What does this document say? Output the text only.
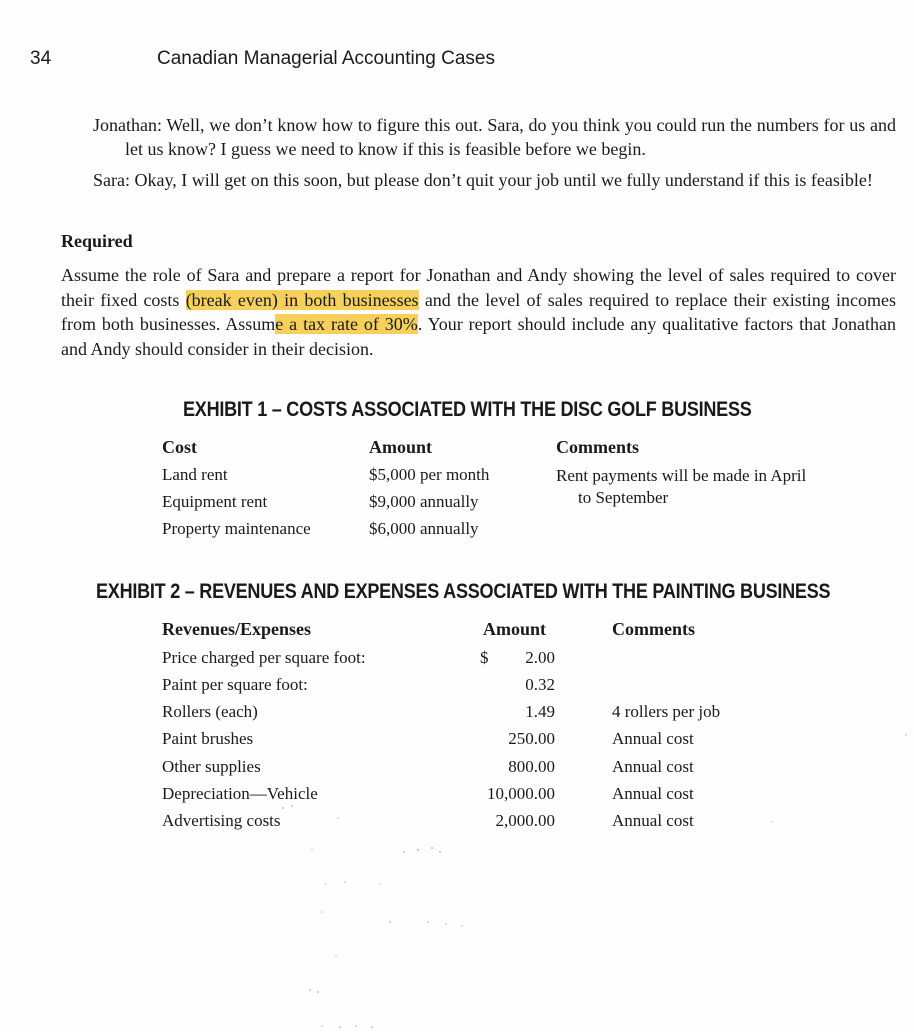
34	Canadian Managerial Accounting Cases

Jonathan: Well, we don’t know how to figure this out. Sara, do you think you could run the numbers for us and let us know? I guess we need to know if this is feasible before we begin.

Sara: Okay, I will get on this soon, but please don’t quit your job until we fully understand if this is feasible!

Required

Assume the role of Sara and prepare a report for Jonathan and Andy showing the level of sales required to cover their fixed costs (break even) in both businesses and the level of sales required to replace their existing incomes from both businesses. Assume a tax rate of 30%. Your report should include any qualitative factors that Jonathan and Andy should consider in their decision.

EXHIBIT 1 – COSTS ASSOCIATED WITH THE DISC GOLF BUSINESS
Cost	Amount	Comments
Land rent	$5,000 per month	Rent payments will be made in April to September
Equipment rent	$9,000 annually
Property maintenance	$6,000 annually
EXHIBIT 2 – REVENUES AND EXPENSES ASSOCIATED WITH THE PAINTING BUSINESS
Revenues/Expenses	Amount	Comments
$
Price charged per square foot:	2.00
Paint per square foot:	0.32
Rollers (each)	1.49	4 rollers per job
Paint brushes	250.00	Annual cost
Other supplies	800.00	Annual cost
Depreciation—Vehicle	10,000.00	Annual cost
Advertising costs	2,000.00	Annual cost
